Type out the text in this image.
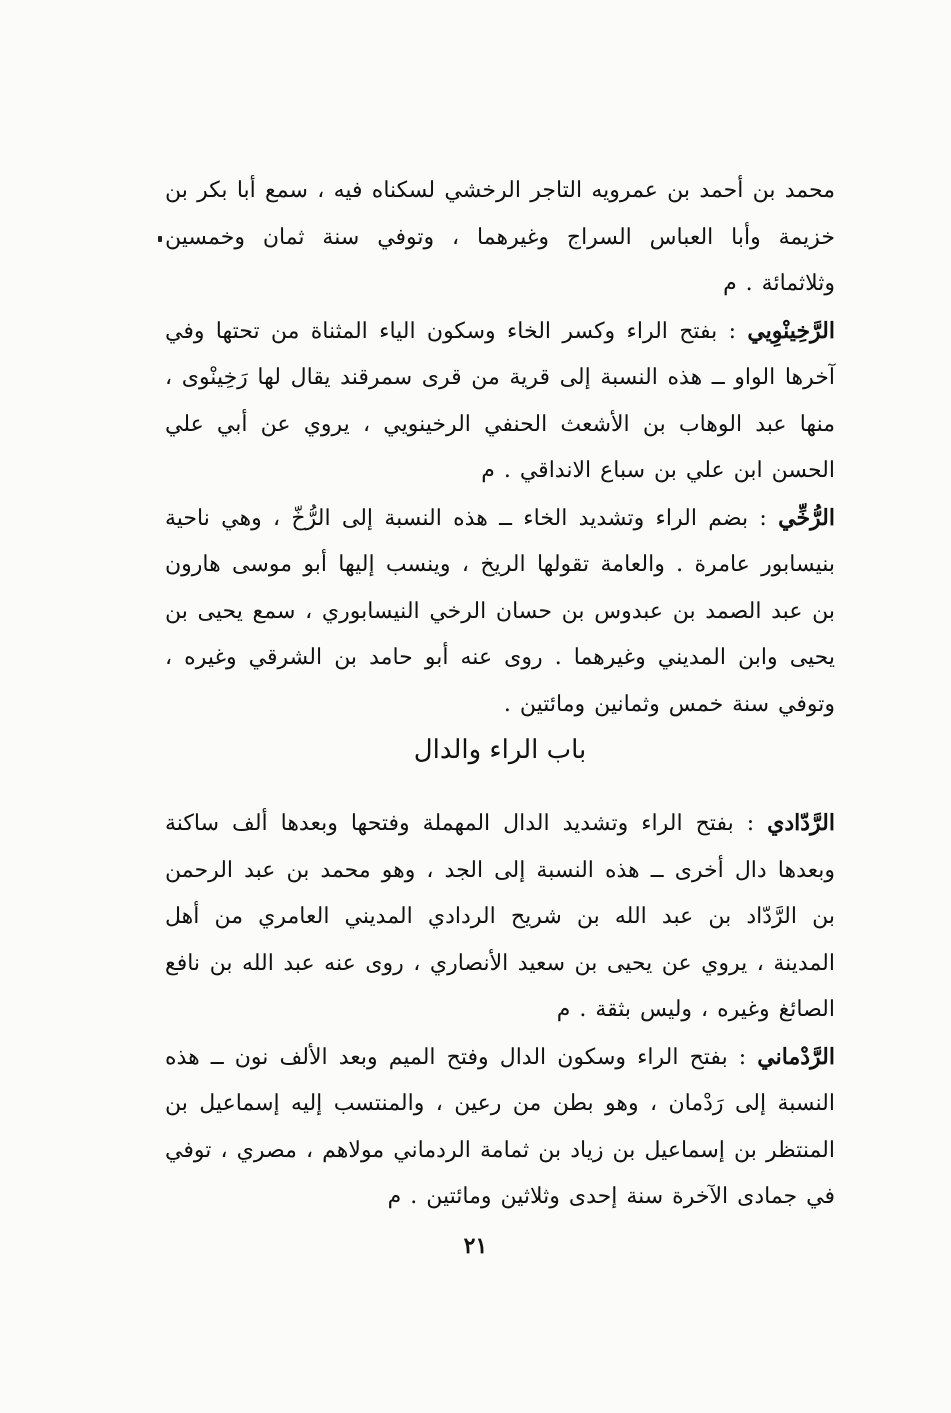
محمد بن أحمد بن عمرويه التاجر الرخشي لسكناه فيه ، سمع أبا بكر بن خزيمة وأبا العباس السراج وغيرهما ، وتوفي سنة ثمان وخمسين وثلاثمائة . م

الرَّخِينْوِيي : بفتح الراء وكسر الخاء وسكون الياء المثناة من تحتها وفي آخرها الواو ــ هذه النسبة إلى قرية من قرى سمرقند يقال لها رَخِينْوى ، منها عبد الوهاب بن الأشعث الحنفي الرخينويي ، يروي عن أبي علي الحسن ابن علي بن سباع الانداقي . م

الرُّخِّي : بضم الراء وتشديد الخاء ــ هذه النسبة إلى الرُّخّ ، وهي ناحية بنيسابور عامرة . والعامة تقولها الريخ ، وينسب إليها أبو موسى هارون بن عبد الصمد بن عبدوس بن حسان الرخي النيسابوري ، سمع يحيى بن يحيى وابن المديني وغيرهما . روى عنه أبو حامد بن الشرقي وغيره ، وتوفي سنة خمس وثمانين ومائتين .

باب الراء والدال

الرَّدّادي : بفتح الراء وتشديد الدال المهملة وفتحها وبعدها ألف ساكنة وبعدها دال أخرى ــ هذه النسبة إلى الجد ، وهو محمد بن عبد الرحمن بن الرَّدّاد بن عبد الله بن شريح الردادي المديني العامري من أهل المدينة ، يروي عن يحيى بن سعيد الأنصاري ، روى عنه عبد الله بن نافع الصائغ وغيره ، وليس بثقة . م

الرَّدْماني : بفتح الراء وسكون الدال وفتح الميم وبعد الألف نون ــ هذه النسبة إلى رَدْمان ، وهو بطن من رعين ، والمنتسب إليه إسماعيل بن المنتظر بن إسماعيل بن زياد بن ثمامة الردماني مولاهم ، مصري ، توفي في جمادى الآخرة سنة إحدى وثلاثين ومائتين . م

٢١
